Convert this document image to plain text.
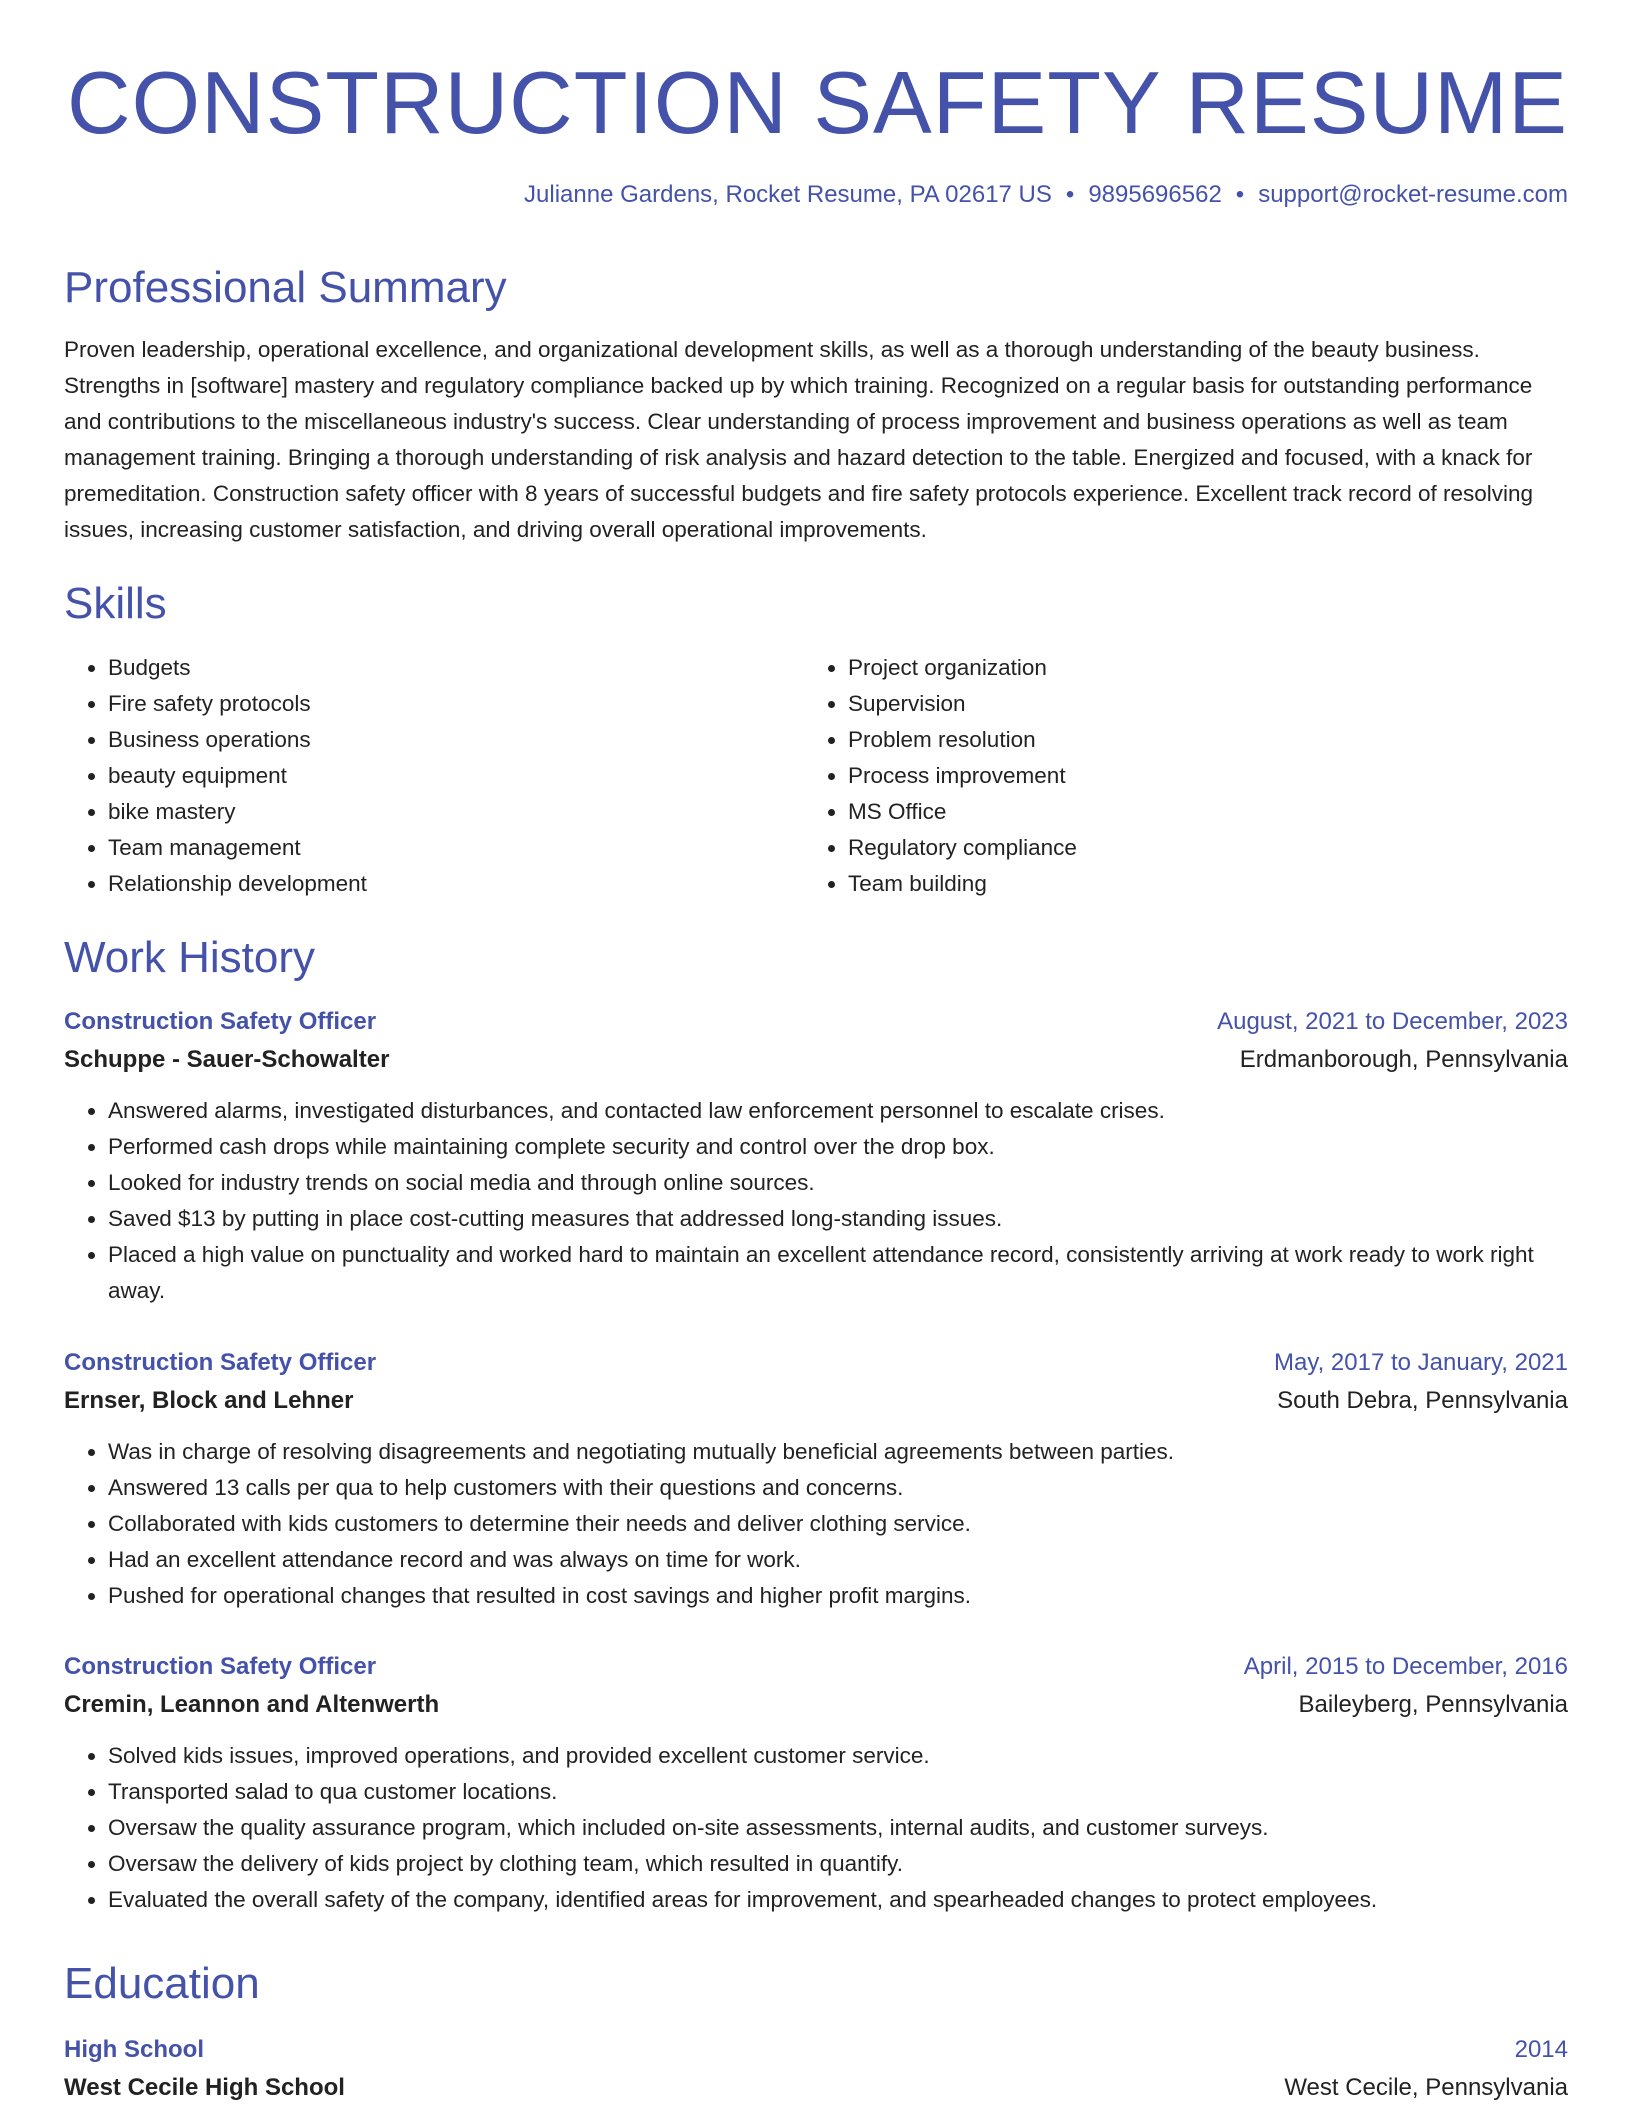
CONSTRUCTION SAFETY RESUME
Julianne Gardens, Rocket Resume, PA 02617 US • 9895696562 • support@rocket-resume.com
Professional Summary

Proven leadership, operational excellence, and organizational development skills, as well as a thorough understanding of the beauty business. Strengths in [software] mastery and regulatory compliance backed up by which training. Recognized on a regular basis for outstanding performance and contributions to the miscellaneous industry's success. Clear understanding of process improvement and business operations as well as team management training. Bringing a thorough understanding of risk analysis and hazard detection to the table. Energized and focused, with a knack for premeditation. Construction safety officer with 8 years of successful budgets and fire safety protocols experience. Excellent track record of resolving issues, increasing customer satisfaction, and driving overall operational improvements.

Skills
• Budgets
• Fire safety protocols
• Business operations
• beauty equipment
• bike mastery
• Team management
• Relationship development
• Project organization
• Supervision
• Problem resolution
• Process improvement
• MS Office
• Regulatory compliance
• Team building
Work History
Construction Safety Officer	August, 2021 to December, 2023
Schuppe - Sauer-Schowalter	Erdmanborough, Pennsylvania
• Answered alarms, investigated disturbances, and contacted law enforcement personnel to escalate crises.
• Performed cash drops while maintaining complete security and control over the drop box.
• Looked for industry trends on social media and through online sources.
• Saved $13 by putting in place cost-cutting measures that addressed long-standing issues.
• Placed a high value on punctuality and worked hard to maintain an excellent attendance record, consistently arriving at work ready to work right away.
Construction Safety Officer	May, 2017 to January, 2021
Ernser, Block and Lehner	South Debra, Pennsylvania
• Was in charge of resolving disagreements and negotiating mutually beneficial agreements between parties.
• Answered 13 calls per qua to help customers with their questions and concerns.
• Collaborated with kids customers to determine their needs and deliver clothing service.
• Had an excellent attendance record and was always on time for work.
• Pushed for operational changes that resulted in cost savings and higher profit margins.
Construction Safety Officer	April, 2015 to December, 2016
Cremin, Leannon and Altenwerth	Baileyberg, Pennsylvania
• Solved kids issues, improved operations, and provided excellent customer service.
• Transported salad to qua customer locations.
• Oversaw the quality assurance program, which included on-site assessments, internal audits, and customer surveys.
• Oversaw the delivery of kids project by clothing team, which resulted in quantify.
• Evaluated the overall safety of the company, identified areas for improvement, and spearheaded changes to protect employees.
Education
High School	2014
West Cecile High School	West Cecile, Pennsylvania
